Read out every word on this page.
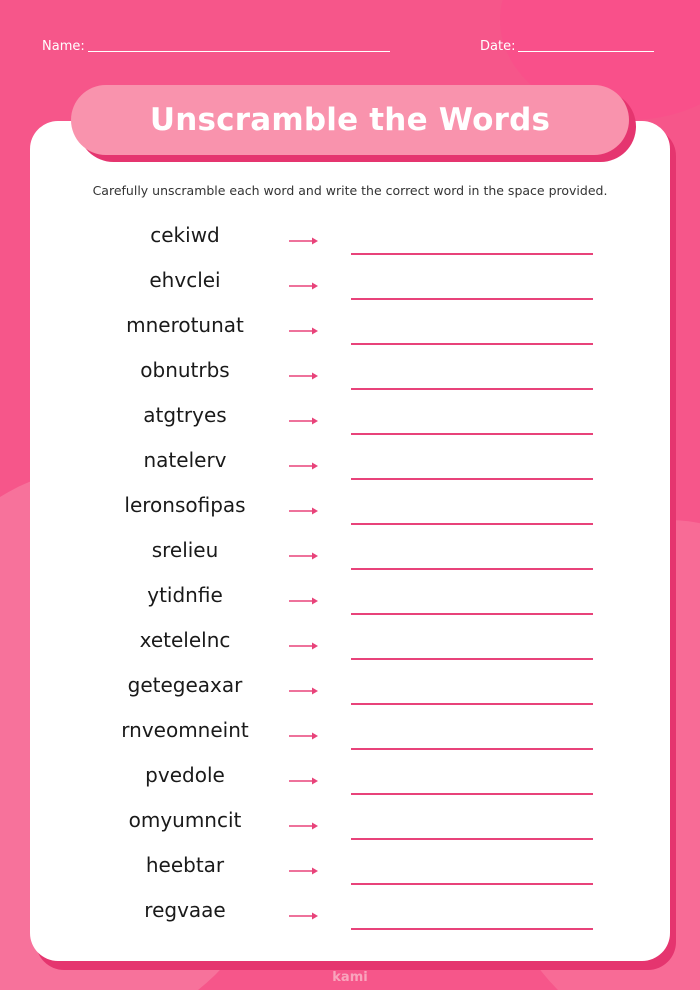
Name:	Date:
Unscramble the Words
Carefully unscramble each word and write the correct word in the space provided.
cekiwd
ehvclei
mnerotunat
obnutrbs
atgtryes
natelerv
leronsofipas
srelieu
ytidnfie
xetelelnc
getegeaxar
rnveomneint
pvedole
omyumncit
heebtar
regvaae
kami
